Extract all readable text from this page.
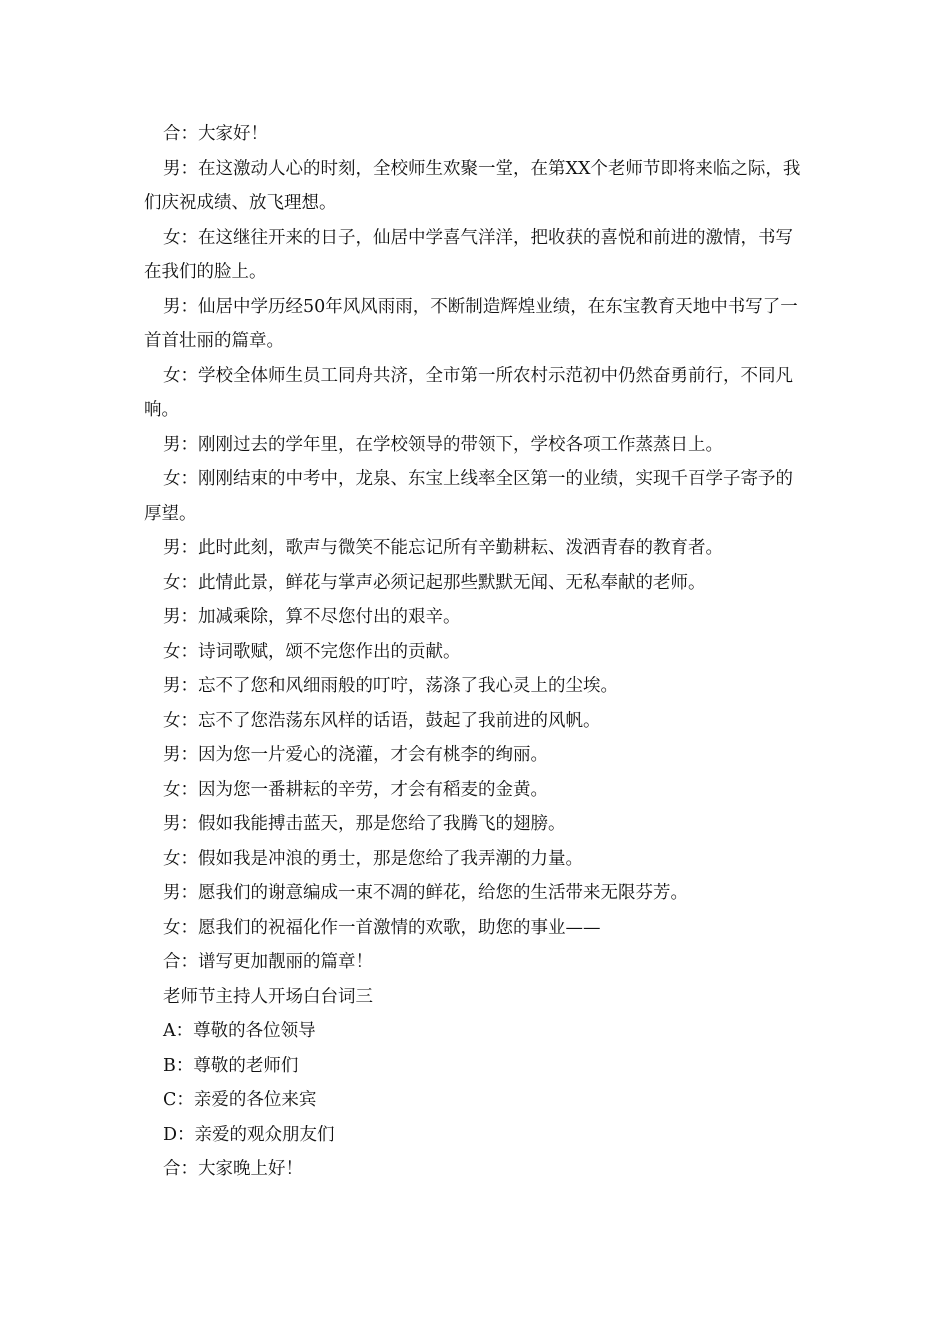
合：大家好！

男：在这激动人心的时刻，全校师生欢聚一堂，在第XX个老师节即将来临之际，我们庆祝成绩、放飞理想。

女：在这继往开来的日子，仙居中学喜气洋洋，把收获的喜悦和前进的激情，书写在我们的脸上。

男：仙居中学历经50年风风雨雨，不断制造辉煌业绩，在东宝教育天地中书写了一首首壮丽的篇章。

女：学校全体师生员工同舟共济，全市第一所农村示范初中仍然奋勇前行，不同凡响。

男：刚刚过去的学年里，在学校领导的带领下，学校各项工作蒸蒸日上。

女：刚刚结束的中考中，龙泉、东宝上线率全区第一的业绩，实现千百学子寄予的厚望。

男：此时此刻，歌声与微笑不能忘记所有辛勤耕耘、泼洒青春的教育者。

女：此情此景，鲜花与掌声必须记起那些默默无闻、无私奉献的老师。

男：加减乘除，算不尽您付出的艰辛。

女：诗词歌赋，颂不完您作出的贡献。

男：忘不了您和风细雨般的叮咛，荡涤了我心灵上的尘埃。

女：忘不了您浩荡东风样的话语，鼓起了我前进的风帆。

男：因为您一片爱心的浇灌，才会有桃李的绚丽。

女：因为您一番耕耘的辛劳，才会有稻麦的金黄。

男：假如我能搏击蓝天，那是您给了我腾飞的翅膀。

女：假如我是冲浪的勇士，那是您给了我弄潮的力量。

男：愿我们的谢意编成一束不凋的鲜花，给您的生活带来无限芬芳。

女：愿我们的祝福化作一首激情的欢歌，助您的事业——

合：谱写更加靓丽的篇章！

老师节主持人开场白台词三

A：尊敬的各位领导

B：尊敬的老师们

C：亲爱的各位来宾

D：亲爱的观众朋友们

合：大家晚上好！
